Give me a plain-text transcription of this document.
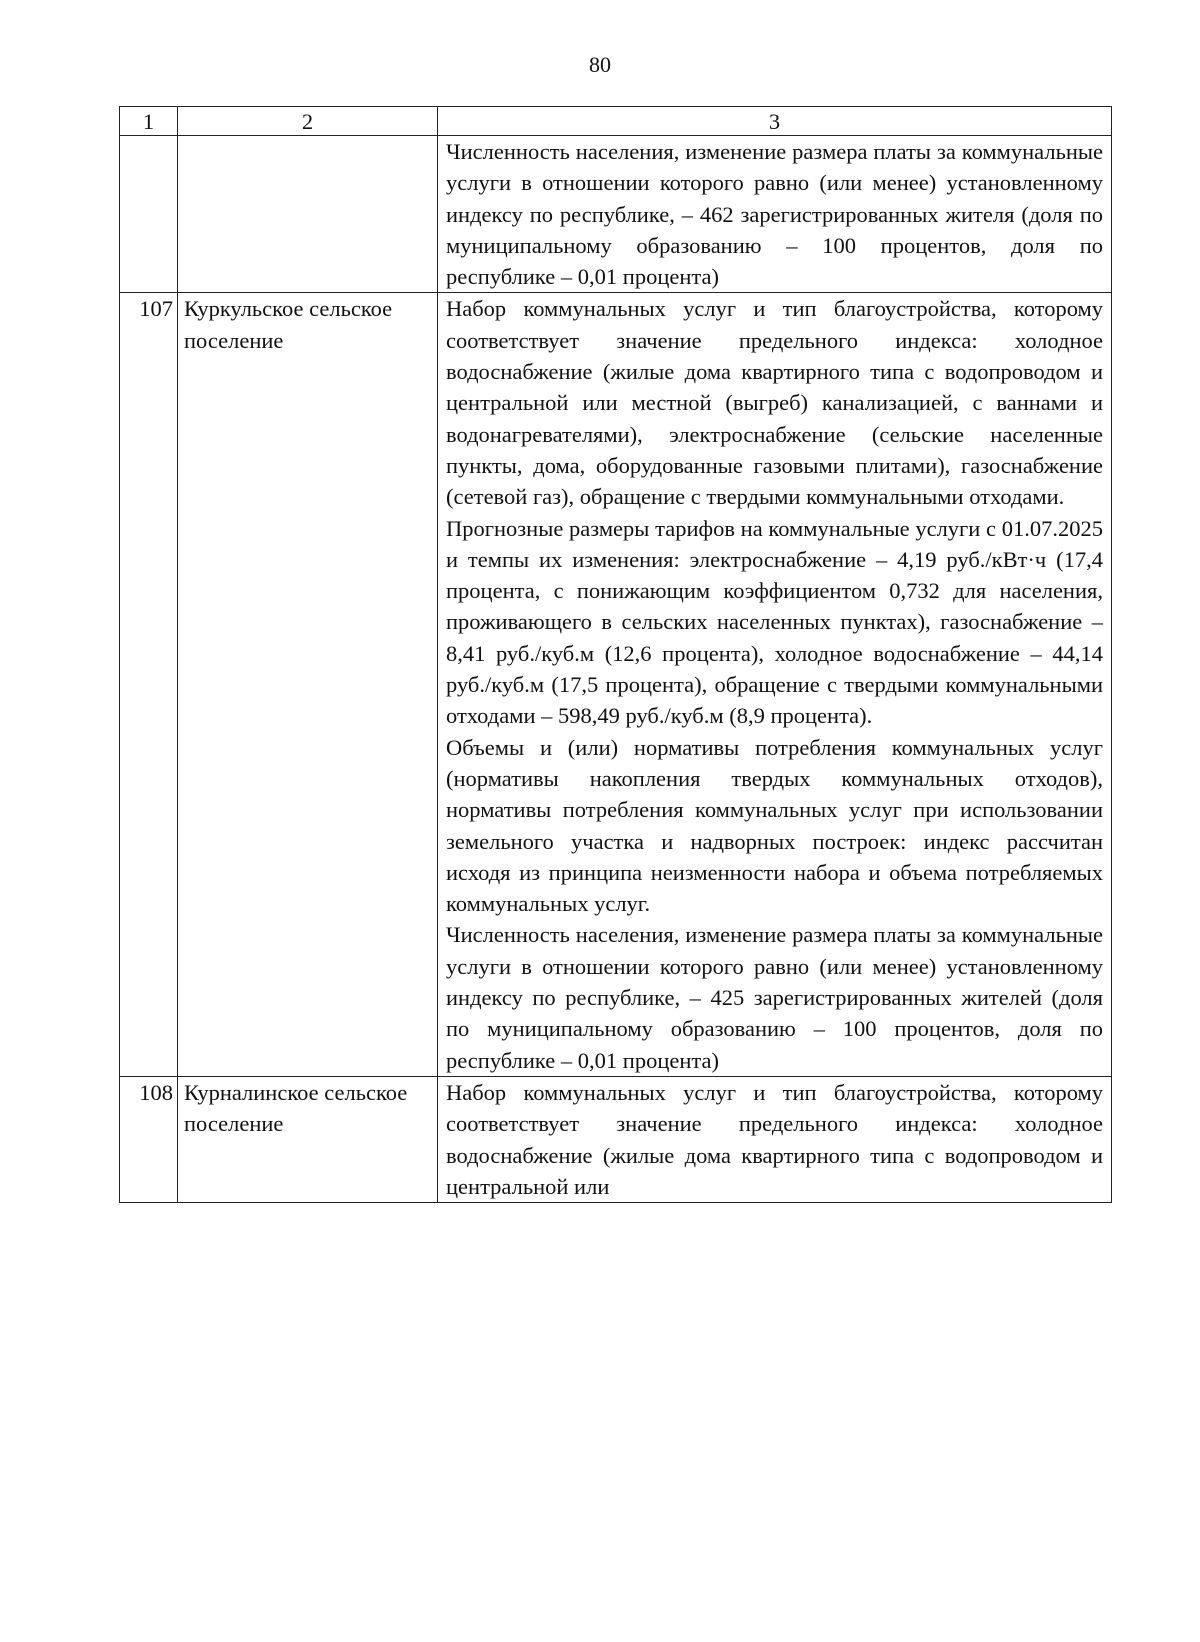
80
1	2	3

		Численность населения, изменение размера платы за коммунальные услуги в отношении которого равно (или менее) установленному индексу по республике, – 462 зарегистрированных жителя (доля по муниципальному образованию – 100 процентов, доля по республике – 0,01 процента)

107	Куркульское сельское поселение	Набор коммунальных услуг и тип благоустройства, которому соответствует значение предельного индекса: холодное водоснабжение (жилые дома квартирного типа с водопроводом и центральной или местной (выгреб) канализацией, с ваннами и водонагревателями), электроснабжение (сельские населенные пункты, дома, оборудованные газовыми плитами), газоснабжение (сетевой газ), обращение с твердыми коммунальными отходами.

Прогнозные размеры тарифов на коммунальные услуги с 01.07.2025 и темпы их изменения: электроснабжение – 4,19 руб./кВт·ч (17,4 процента, с понижающим коэффициентом 0,732 для населения, проживающего в сельских населенных пунктах), газоснабжение – 8,41 руб./куб.м (12,6 процента), холодное водоснабжение – 44,14 руб./куб.м (17,5 процента), обращение с твердыми коммунальными отходами – 598,49 руб./куб.м (8,9 процента).

Объемы и (или) нормативы потребления коммунальных услуг (нормативы накопления твердых коммунальных отходов), нормативы потребления коммунальных услуг при использовании земельного участка и надворных построек: индекс рассчитан исходя из принципа неизменности набора и объема потребляемых коммунальных услуг.

Численность населения, изменение размера платы за коммунальные услуги в отношении которого равно (или менее) установленному индексу по республике, – 425 зарегистрированных жителей (доля по муниципальному образованию – 100 процентов, доля по республике – 0,01 процента)

108	Курналинское сельское поселение	Набор коммунальных услуг и тип благоустройства, которому соответствует значение предельного индекса: холодное водоснабжение (жилые дома квартирного типа с водопроводом и центральной или
